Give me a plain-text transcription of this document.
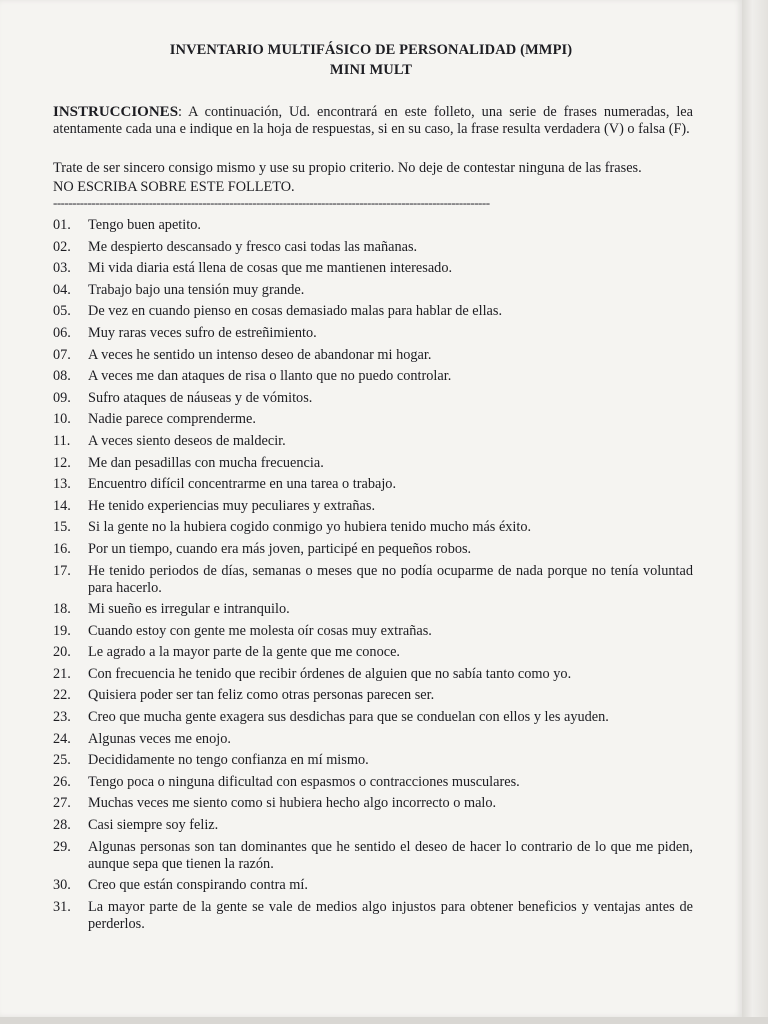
INVENTARIO MULTIFÁSICO DE PERSONALIDAD (MMPI)
MINI MULT
INSTRUCCIONES: A continuación, Ud. encontrará en este folleto, una serie de frases numeradas, lea atentamente cada una e indique en la hoja de respuestas, si en su caso, la frase resulta verdadera (V) o falsa (F).
Trate de ser sincero consigo mismo y use su propio criterio. No deje de contestar ninguna de las frases.
NO ESCRIBA SOBRE ESTE FOLLETO.
------------------------------------------------------------------------------------------------------------------
01.	Tengo buen apetito.
02.	Me despierto descansado y fresco casi todas las mañanas.
03.	Mi vida diaria está llena de cosas que me mantienen interesado.
04.	Trabajo bajo una tensión muy grande.
05.	De vez en cuando pienso en cosas demasiado malas para hablar de ellas.
06.	Muy raras veces sufro de estreñimiento.
07.	A veces he sentido un intenso deseo de abandonar mi hogar.
08.	A veces me dan ataques de risa o llanto que no puedo controlar.
09.	Sufro ataques de náuseas y de vómitos.
10.	Nadie parece comprenderme.
11.	A veces siento deseos de maldecir.
12.	Me dan pesadillas con mucha frecuencia.
13.	Encuentro difícil concentrarme en una tarea o trabajo.
14.	He tenido experiencias muy peculiares y extrañas.
15.	Si la gente no la hubiera cogido conmigo yo hubiera tenido mucho más éxito.
16.	Por un tiempo, cuando era más joven, participé en pequeños robos.
17.	He tenido periodos de días, semanas o meses que no podía ocuparme de nada porque no tenía voluntad para hacerlo.
18.	Mi sueño es irregular e intranquilo.
19.	Cuando estoy con gente me molesta oír cosas muy extrañas.
20.	Le agrado a la mayor parte de la gente que me conoce.
21.	Con frecuencia he tenido que recibir órdenes de alguien que no sabía tanto como yo.
22.	Quisiera poder ser tan feliz como otras personas parecen ser.
23.	Creo que mucha gente exagera sus desdichas para que se conduelan con ellos y les ayuden.
24.	Algunas veces me enojo.
25.	Decididamente no tengo confianza en mí mismo.
26.	Tengo poca o ninguna dificultad con espasmos o contracciones musculares.
27.	Muchas veces me siento como si hubiera hecho algo incorrecto o malo.
28.	Casi siempre soy feliz.
29.	Algunas personas son tan dominantes que he sentido el deseo de hacer lo contrario de lo que me piden, aunque sepa que tienen la razón.
30.	Creo que están conspirando contra mí.
31.	La mayor parte de la gente se vale de medios algo injustos para obtener beneficios y ventajas antes de perderlos.
